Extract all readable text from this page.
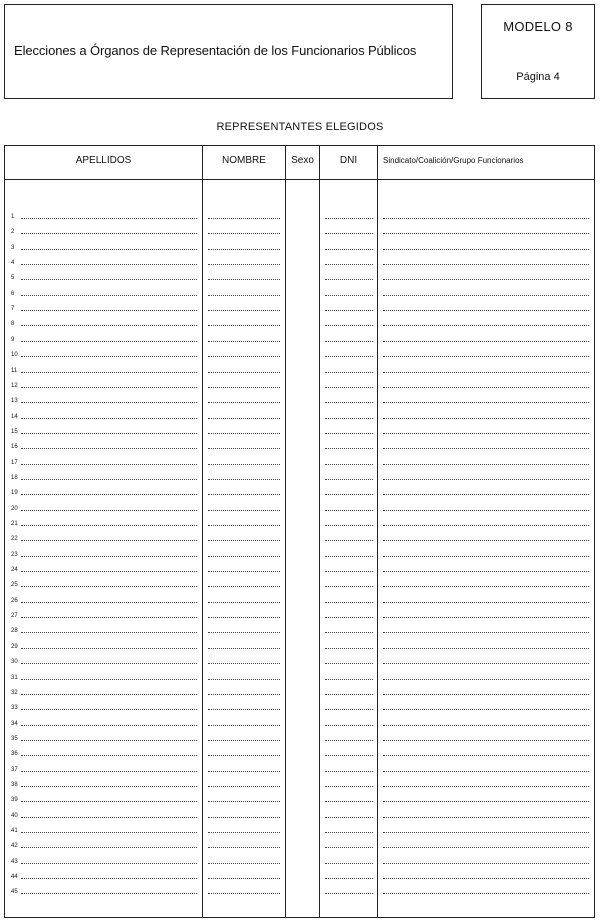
Elecciones a Órganos de Representación de los Funcionarios Públicos
MODELO 8
Página 4
REPRESENTANTES ELEGIDOS
APELLIDOS	NOMBRE	Sexo	DNI	Sindicato/Coalición/Grupo Funcionarios
1
2
3
4
5
6
7
8
9
10
11
12
13
14
15
16
17
18
19
20
21
22
23
24
25
26
27
28
29
30
31
32
33
34
35
36
37
38
39
40
41
42
43
44
45
